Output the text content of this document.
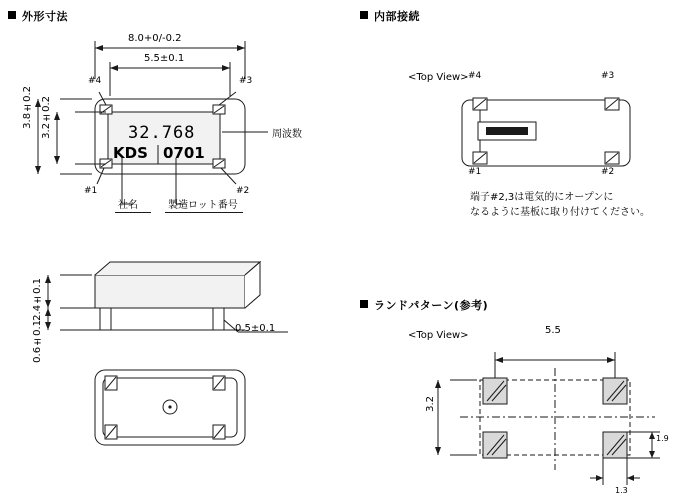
外形寸法	内部接続
ランドパターン(参考)
32.768
KDS 0701
8.0+0/-0.2
5.5±0.1
3.8±0.2 3.2±0.2
#4	#3
#1	#2
周波数
社名	製造ロット番号
2.4±0.1
0.6±0.1	0.5±0.1
<Top View> #4	#3
#1	#2
端子#2,3は電気的にオープンに
なるように基板に取り付けてください。
<Top View>	5.5
3.2
1.9
1.3
